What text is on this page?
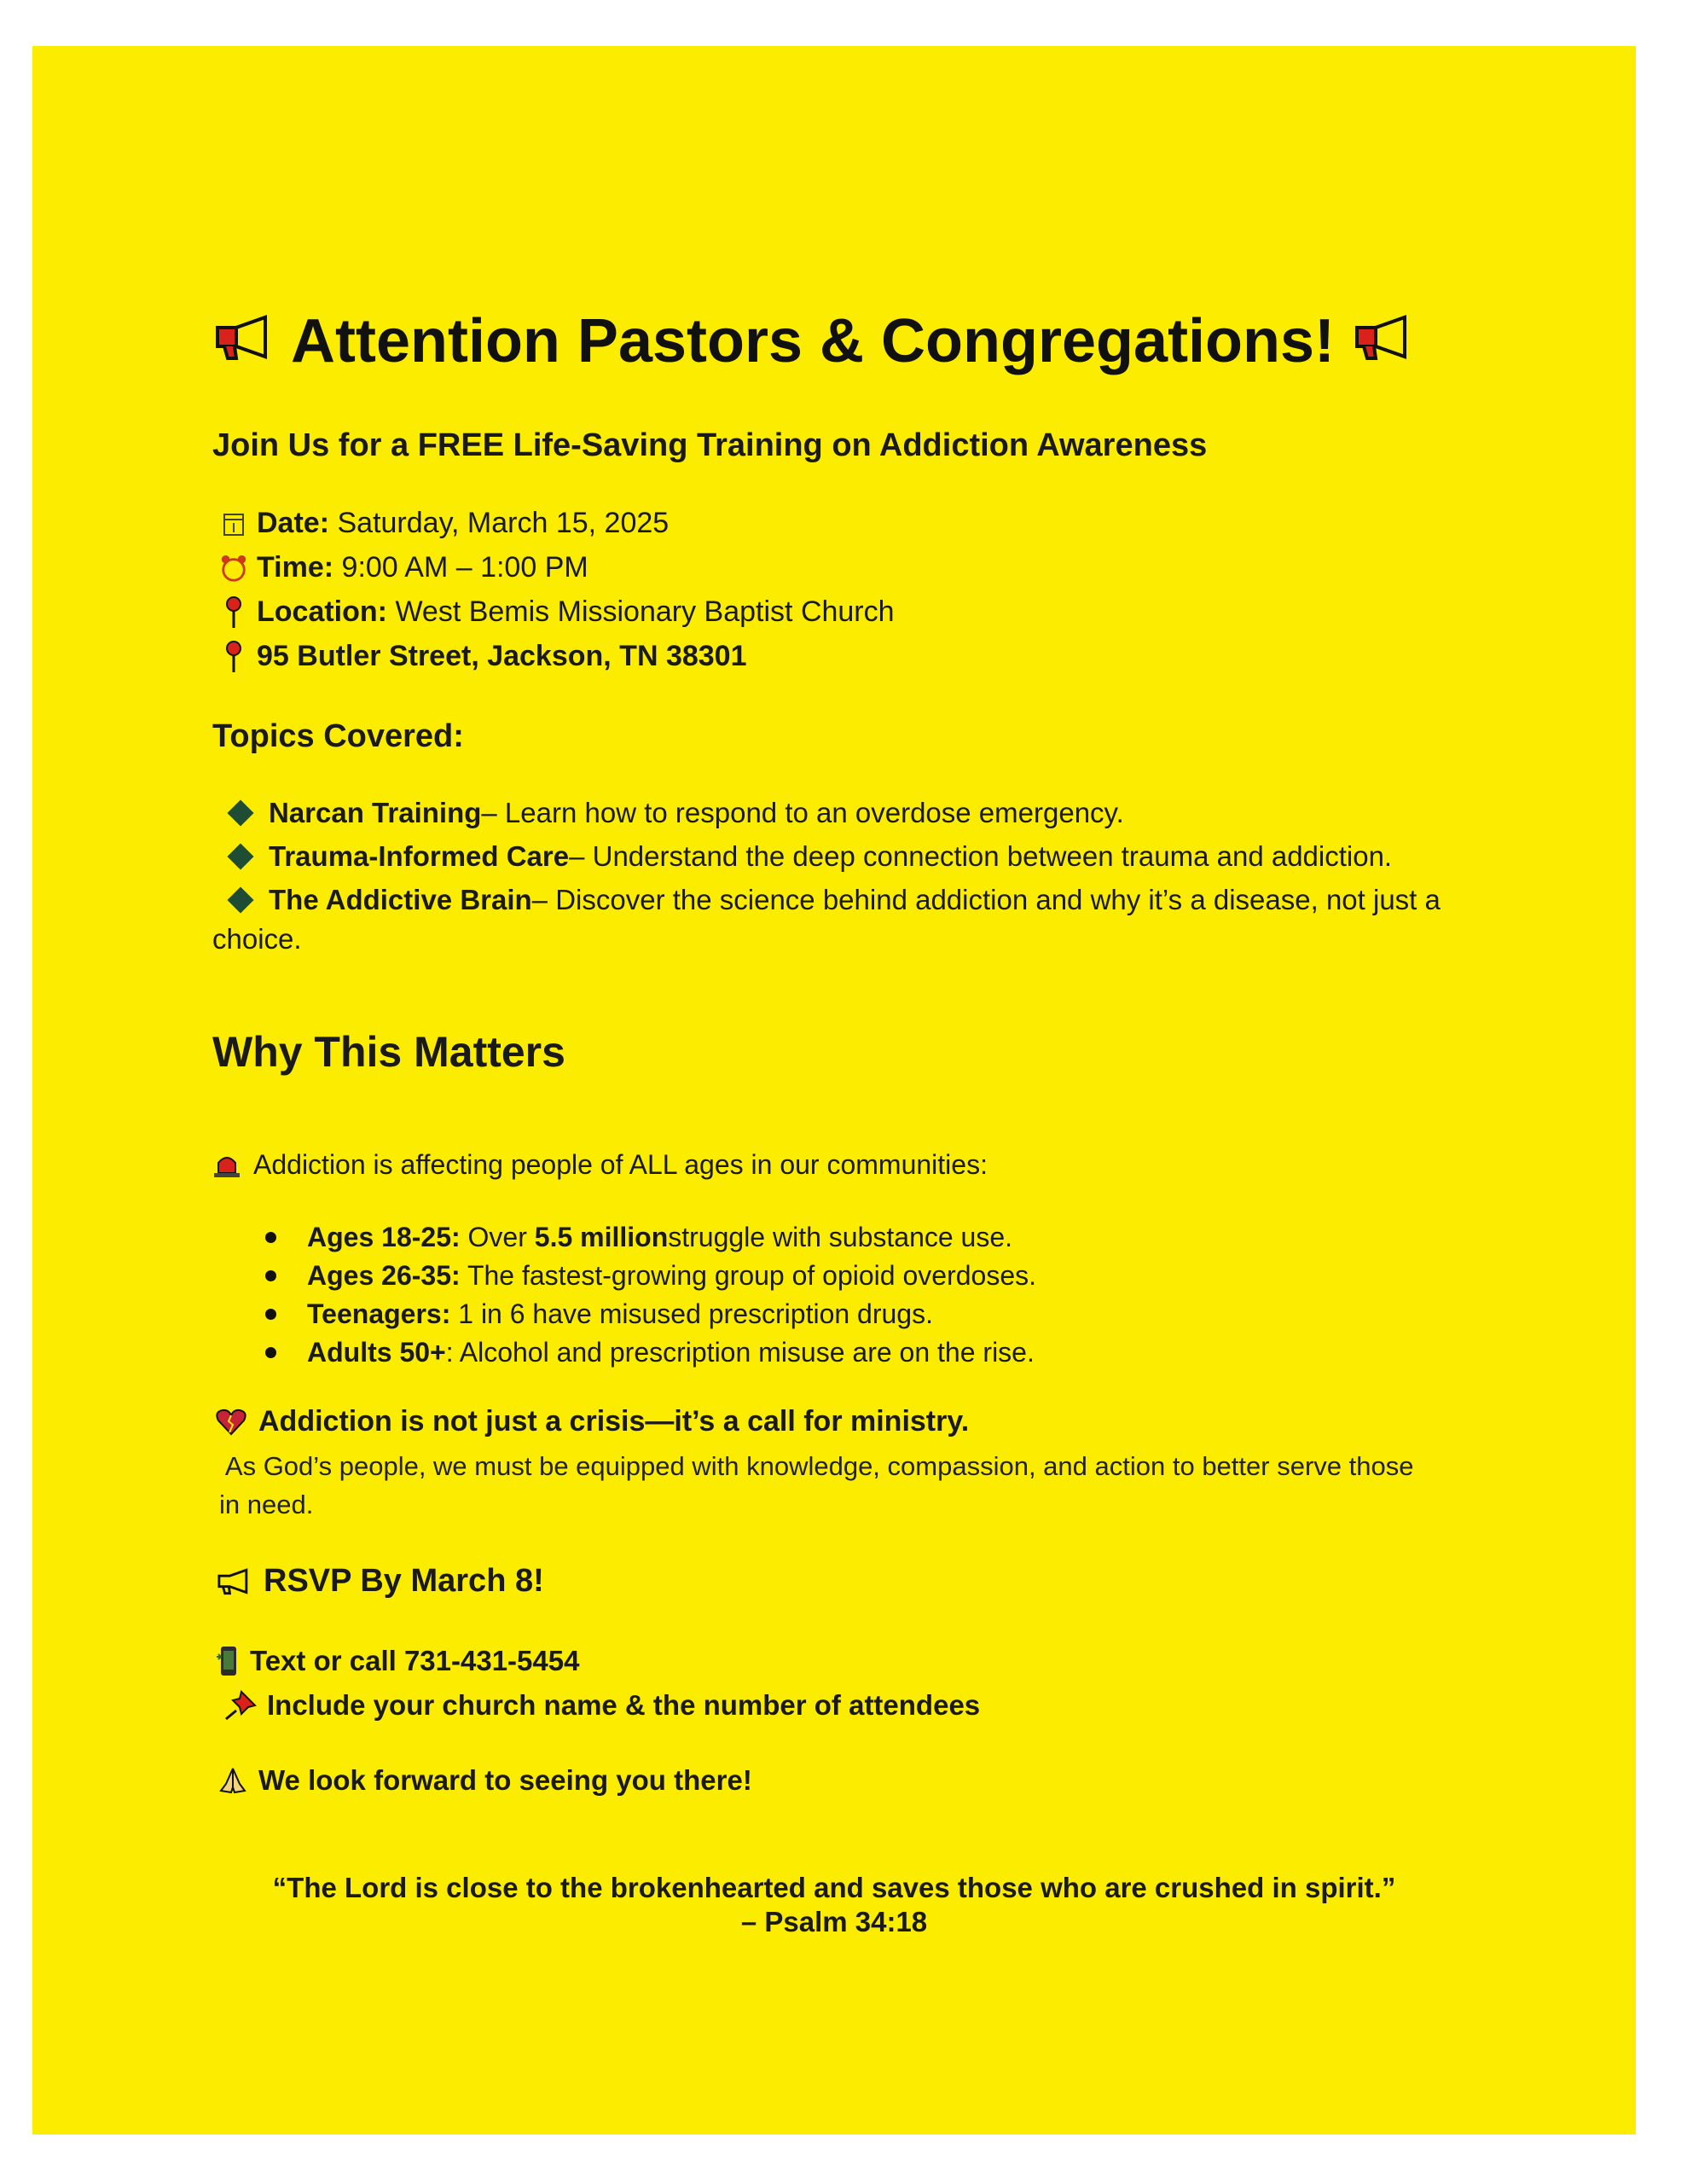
Attention Pastors & Congregations!
Join Us for a FREE Life-Saving Training on Addiction Awareness
Date:
Saturday, March 15, 2025
Time:
9:00 AM – 1:00 PM
Location:
West Bemis Missionary Baptist Church
95 Butler Street, Jackson, TN 38301
Topics Covered:
Narcan Training – Learn how to respond to an overdose emergency.
Trauma-Informed Care – Understand the deep connection between trauma and addiction.
The Addictive Brain – Discover the science behind addiction and why it’s a disease, not just a
choice.
Why This Matters
Addiction is affecting people of ALL ages in our communities:
Ages 18-25: Over 5.5 million struggle with substance use.
Ages 26-35: The fastest-growing group of opioid overdoses.
Teenagers: 1 in 6 have misused prescription drugs.
Adults 50+ : Alcohol and prescription misuse are on the rise.
Addiction is not just a crisis—it’s a call for ministry.
As God’s people, we must be equipped with knowledge, compassion, and action to better serve those
in need.
RSVP By March 8!
Text or call 731-431-5454
Include your church name & the number of attendees
We look forward to seeing you there!
“The Lord is close to the brokenhearted and saves those who are crushed in spirit.”
– Psalm 34:18
